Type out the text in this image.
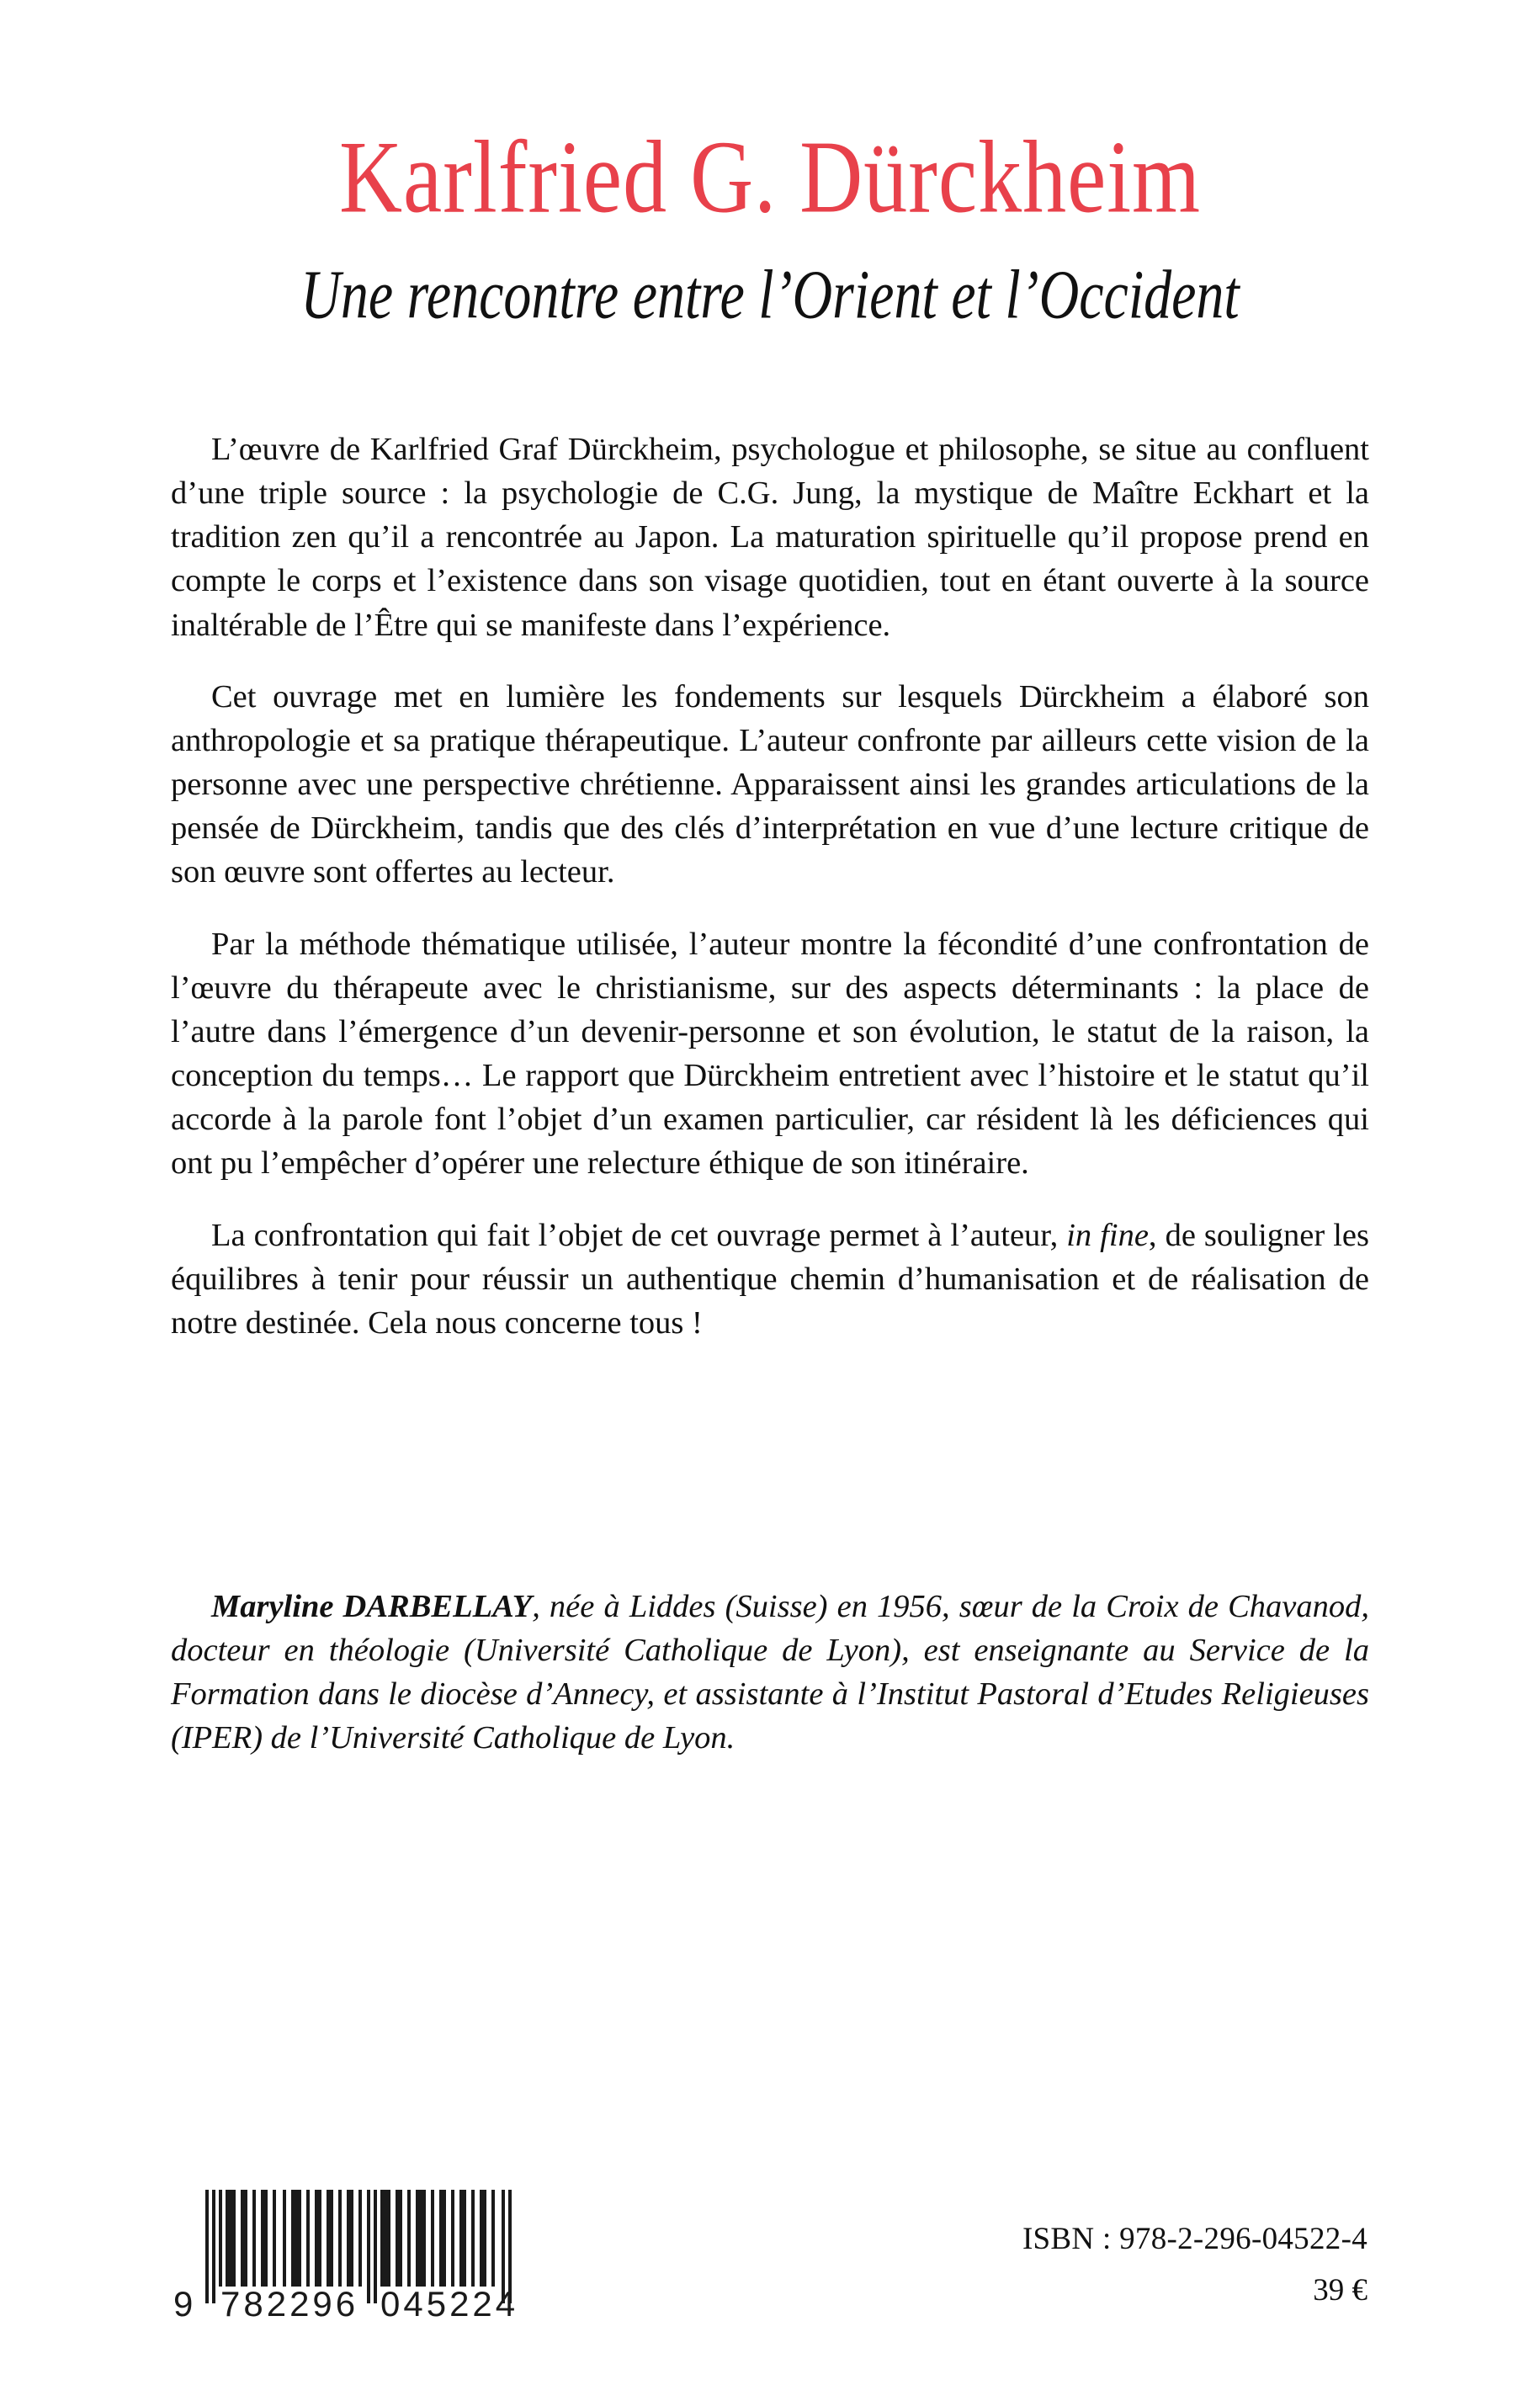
Karlfried G. Dürckheim
Une rencontre entre l’Orient et l’Occident

L’œuvre de Karlfried Graf Dürckheim, psychologue et philosophe, se situe au confluent d’une triple source : la psychologie de C.G. Jung, la mystique de Maître Eckhart et la tradition zen qu’il a rencontrée au Japon. La maturation spirituelle qu’il propose prend en compte le corps et l’existence dans son visage quotidien, tout en étant ouverte à la source inaltérable de l’Être qui se manifeste dans l’expérience.

Cet ouvrage met en lumière les fondements sur lesquels Dürckheim a élaboré son anthropologie et sa pratique thérapeutique. L’auteur confronte par ailleurs cette vision de la personne avec une perspective chrétienne. Apparaissent ainsi les grandes articulations de la pensée de Dürckheim, tandis que des clés d’interprétation en vue d’une lecture critique de son œuvre sont offertes au lecteur.

Par la méthode thématique utilisée, l’auteur montre la fécondité d’une confrontation de l’œuvre du thérapeute avec le christianisme, sur des aspects déterminants : la place de l’autre dans l’émergence d’un devenir-personne et son évolution, le statut de la raison, la conception du temps… Le rapport que Dürckheim entretient avec l’histoire et le statut qu’il accorde à la parole font l’objet d’un examen particulier, car résident là les déficiences qui ont pu l’empêcher d’opérer une relecture éthique de son itinéraire.

La confrontation qui fait l’objet de cet ouvrage permet à l’auteur, in fine, de souligner les équilibres à tenir pour réussir un authentique chemin d’humanisation et de réalisation de notre destinée. Cela nous concerne tous !

Maryline DARBELLAY, née à Liddes (Suisse) en 1956, sœur de la Croix de Chavanod, docteur en théologie (Université Catholique de Lyon), est enseignante au Service de la Formation dans le diocèse d’Annecy, et assistante à l’Institut Pastoral d’Etudes Religieuses (IPER) de l’Université Catholique de Lyon.

9 782296 045224
ISBN : 978-2-296-04522-4
39 €
